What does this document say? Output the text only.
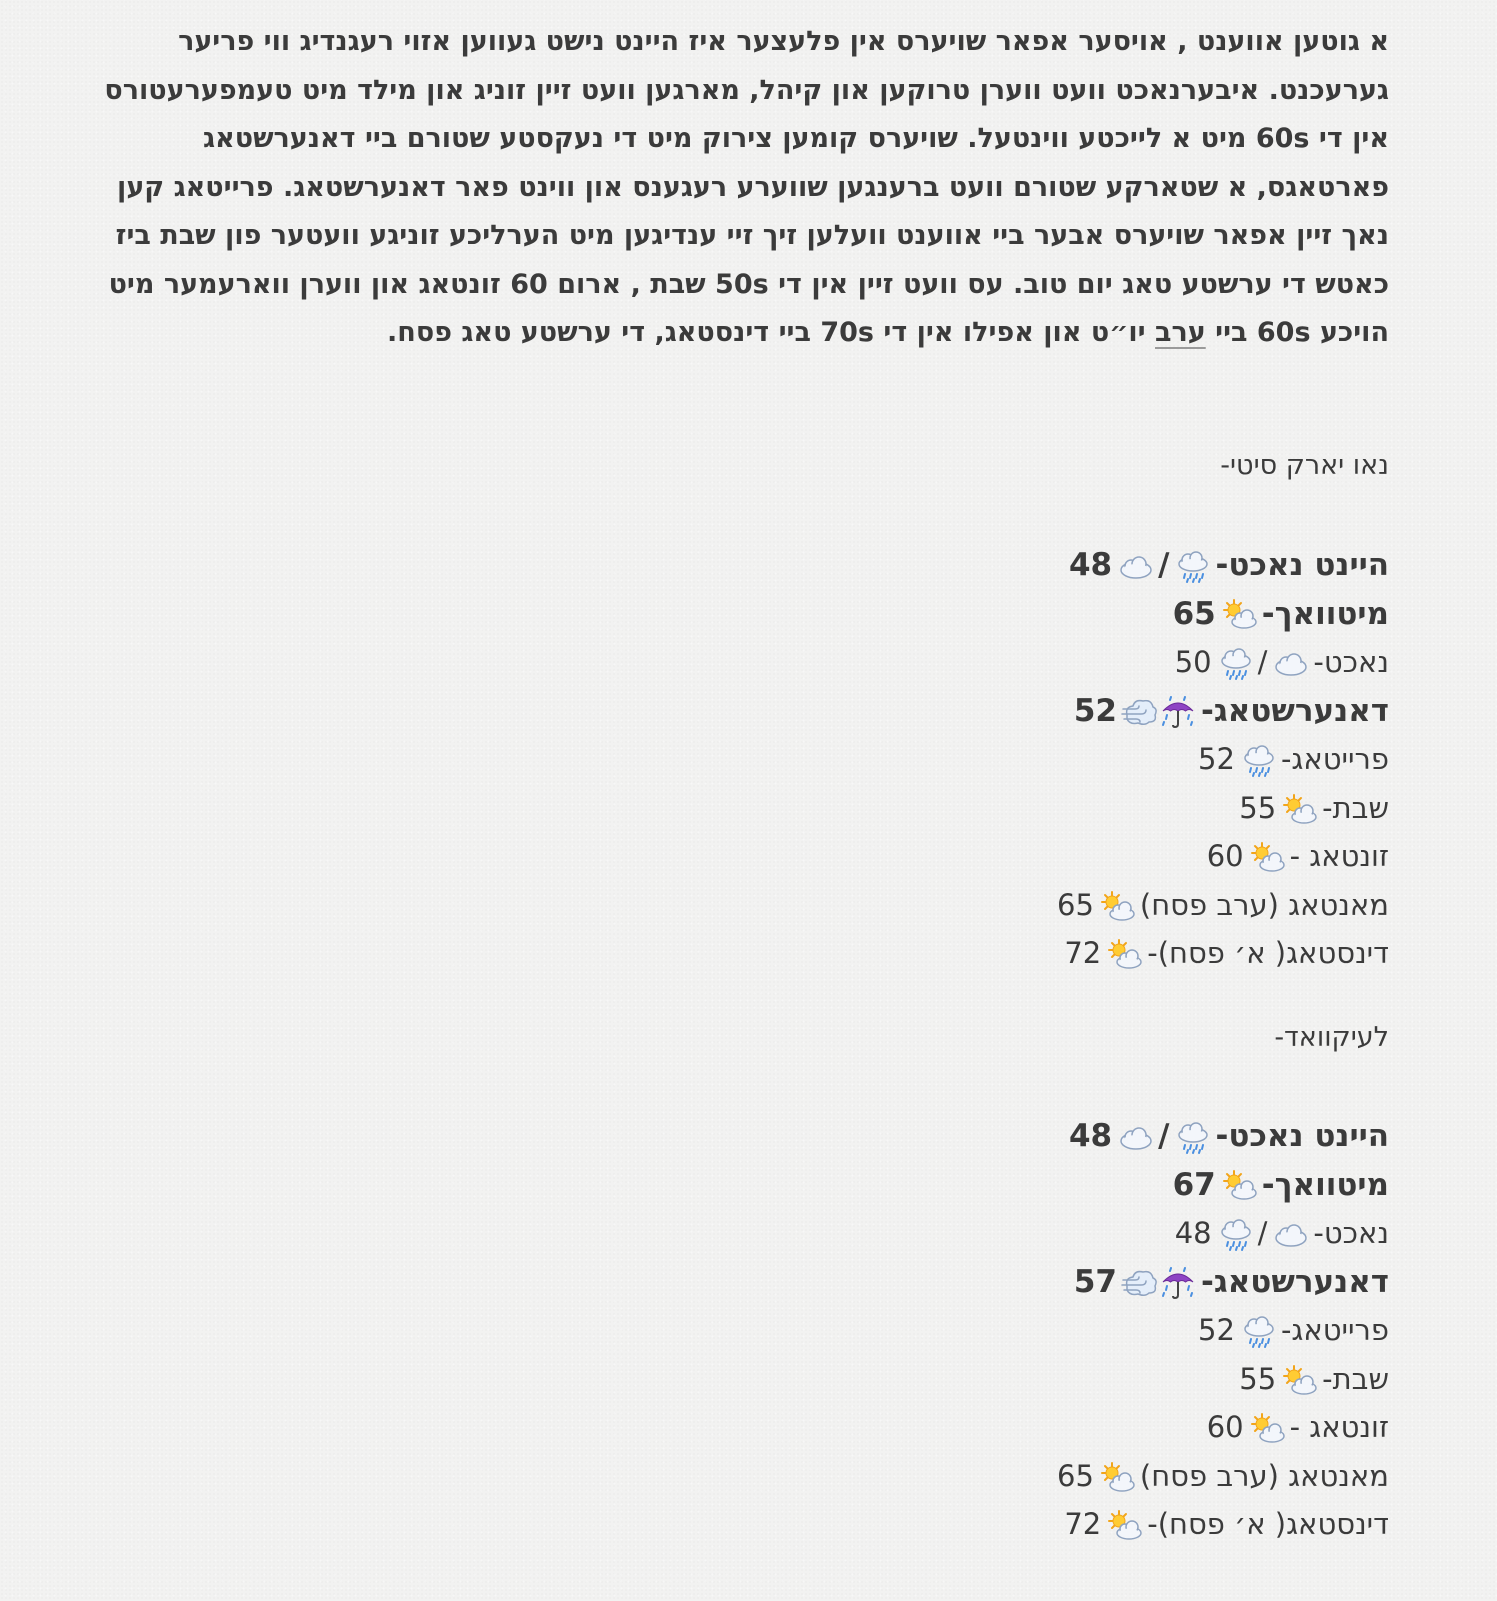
א גוטען אווענט , אויסער אפאר שויערס אין פלעצער איז היינט נישט געווען אזוי רעגנדיג ווי פריער גערעכנט. איבערנאכט וועט ווערן טרוקען און קיהל, מארגען וועט זיין זוניג און מילד מיט טעמפערעטורס אין די 60s מיט א לייכטע ווינטעל. שויערס קומען צירוק מיט די נעקסטע שטורם ביי דאנערשטאג פארטאגס, א שטארקע שטורם וועט ברענגען שווערע רעגענס און ווינט פאר דאנערשטאג. פרייטאג קען נאך זיין אפאר שויערס אבער ביי אווענט וועלען זיך זיי ענדיגען מיט הערליכע זוניגע וועטער פון שבת ביז כאטש די ערשטע טאג יום טוב. עס וועט זיין אין די 50s שבת , ארום 60 זונטאג און ווערן ווארעמער מיט הויכע 60s ביי ערב יו״ט און אפילו אין די 70s ביי דינסטאג, די ערשטע טאג פסח.

נאו יארק סיטי-
היינט נאכט-/48
מיטוואך-65
נאכט-/50
דאנערשטאג-52
פרייטאג-52
שבת-55
זונטאג -60
מאנטאג (ערב פסח)65
דינסטאג( א׳ פסח)-72
לעיקוואד-
היינט נאכט-/48
מיטוואך-67
נאכט-/48
דאנערשטאג-57
פרייטאג-52
שבת-55
זונטאג -60
מאנטאג (ערב פסח)65
דינסטאג( א׳ פסח)-72
